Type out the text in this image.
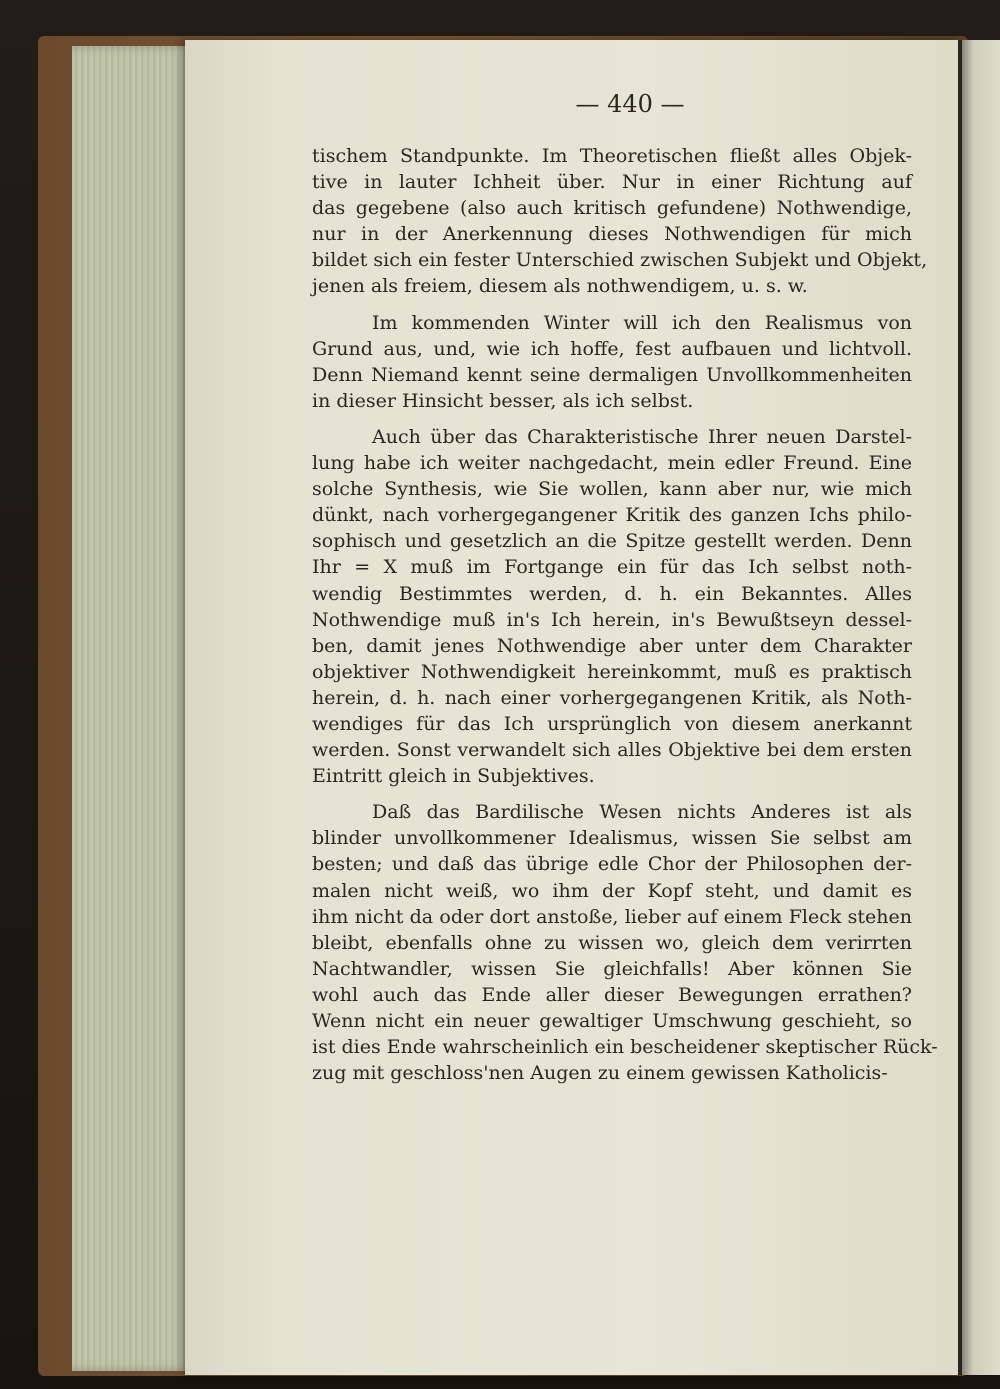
— 440 —
tischem Standpunkte. Im Theoretischen fließt alles Objek-
tive in lauter Ichheit über. Nur in einer Richtung auf
das gegebene (also auch kritisch gefundene) Nothwendige,
nur in der Anerkennung dieses Nothwendigen für mich
bildet sich ein fester Unterschied zwischen Subjekt und Objekt,
jenen als freiem, diesem als nothwendigem, u. s. w.
Im kommenden Winter will ich den Realismus von
Grund aus, und, wie ich hoffe, fest aufbauen und lichtvoll.
Denn Niemand kennt seine dermaligen Unvollkommenheiten
in dieser Hinsicht besser, als ich selbst.
Auch über das Charakteristische Ihrer neuen Darstel-
lung habe ich weiter nachgedacht, mein edler Freund. Eine
solche Synthesis, wie Sie wollen, kann aber nur, wie mich
dünkt, nach vorhergegangener Kritik des ganzen Ichs philo-
sophisch und gesetzlich an die Spitze gestellt werden. Denn
Ihr = X muß im Fortgange ein für das Ich selbst noth-
wendig Bestimmtes werden, d. h. ein Bekanntes. Alles
Nothwendige muß in's Ich herein, in's Bewußtseyn dessel-
ben, damit jenes Nothwendige aber unter dem Charakter
objektiver Nothwendigkeit hereinkommt, muß es praktisch
herein, d. h. nach einer vorhergegangenen Kritik, als Noth-
wendiges für das Ich ursprünglich von diesem anerkannt
werden. Sonst verwandelt sich alles Objektive bei dem ersten
Eintritt gleich in Subjektives.
Daß das Bardilische Wesen nichts Anderes ist als
blinder unvollkommener Idealismus, wissen Sie selbst am
besten; und daß das übrige edle Chor der Philosophen der-
malen nicht weiß, wo ihm der Kopf steht, und damit es
ihm nicht da oder dort anstoße, lieber auf einem Fleck stehen
bleibt, ebenfalls ohne zu wissen wo, gleich dem verirrten
Nachtwandler, wissen Sie gleichfalls! Aber können Sie
wohl auch das Ende aller dieser Bewegungen errathen?
Wenn nicht ein neuer gewaltiger Umschwung geschieht, so
ist dies Ende wahrscheinlich ein bescheidener skeptischer Rück-
zug mit geschloss'nen Augen zu einem gewissen Katholicis-
